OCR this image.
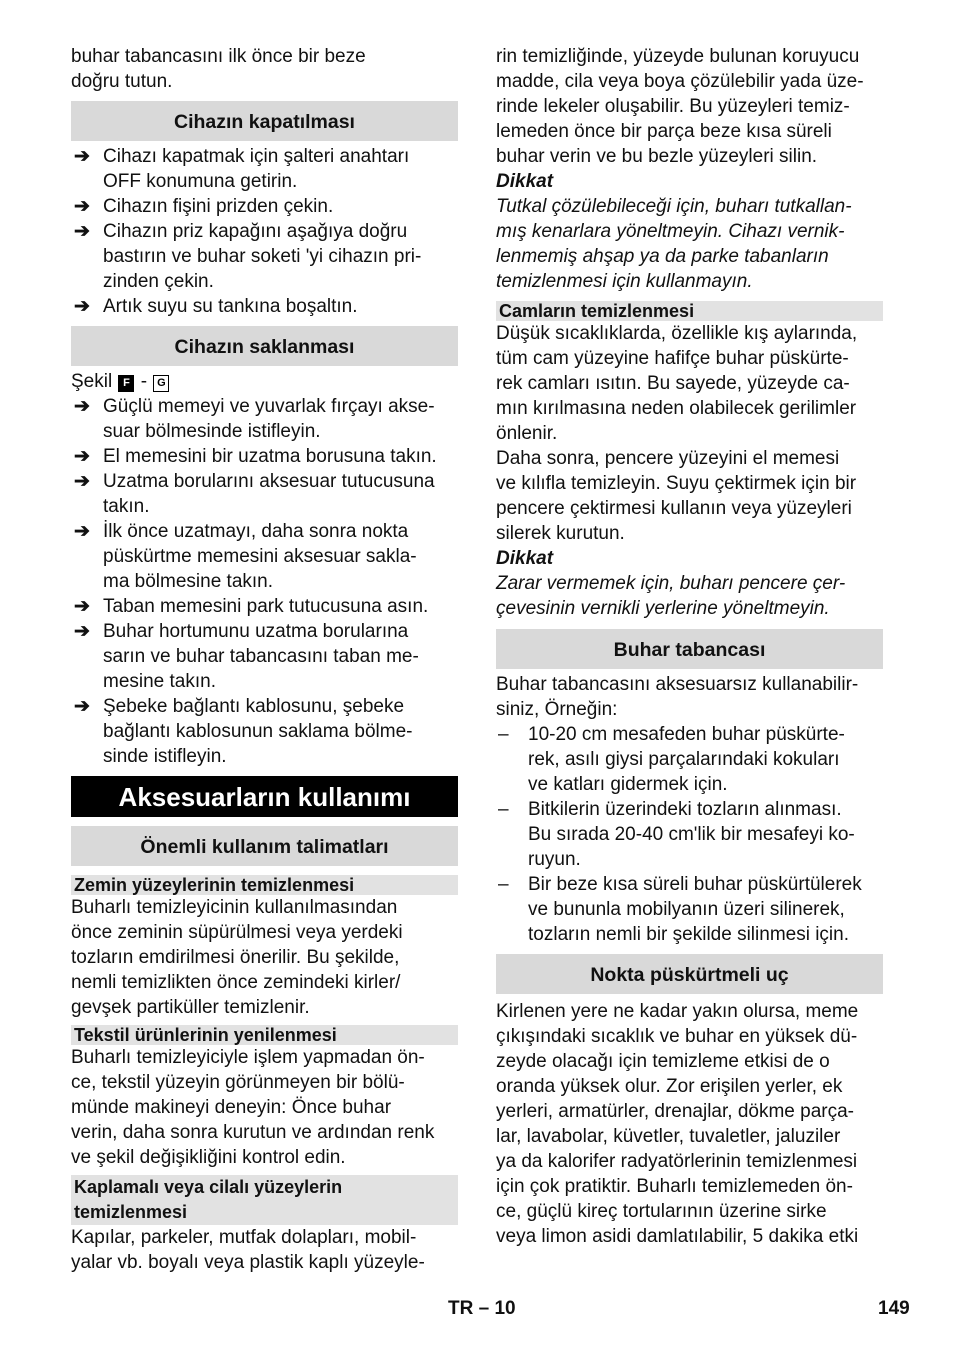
buhar tabancasını ilk önce bir beze
doğru tutun.

Cihazın kapatılması
➔ Cihazı kapatmak için şalteri anahtarı
OFF konumuna getirin.
➔ Cihazın fişini prizden çekin.
➔ Cihazın priz kapağını aşağıya doğru
bastırın ve buhar soketi 'yi cihazın pri-
zinden çekin.
➔ Artık suyu su tankına boşaltın.
Cihazın saklanması

Şekil F - G

➔ Güçlü memeyi ve yuvarlak fırçayı akse-
suar bölmesinde istifleyin.
➔ El memesini bir uzatma borusuna takın.
➔ Uzatma borularını aksesuar tutucusuna
takın.
➔ İlk önce uzatmayı, daha sonra nokta
püskürtme memesini aksesuar sakla-
ma bölmesine takın.
➔ Taban memesini park tutucusuna asın.
➔ Buhar hortumunu uzatma borularına
sarın ve buhar tabancasını taban me-
mesine takın.
➔ Şebeke bağlantı kablosunu, şebeke
bağlantı kablosunun saklama bölme-
sinde istifleyin.
Aksesuarların kullanımı
Önemli kullanım talimatları
Zemin yüzeylerinin temizlenmesi

Buharlı temizleyicinin kullanılmasından
önce zeminin süpürülmesi veya yerdeki
tozların emdirilmesi önerilir. Bu şekilde,
nemli temizlikten önce zemindeki kirler/
gevşek partiküller temizlenir.

Tekstil ürünlerinin yenilenmesi

Buharlı temizleyiciyle işlem yapmadan ön-
ce, tekstil yüzeyin görünmeyen bir bölü-
münde makineyi deneyin: Önce buhar
verin, daha sonra kurutun ve ardından renk
ve şekil değişikliğini kontrol edin.

Kaplamalı veya cilalı yüzeylerin
temizlenmesi

Kapılar, parkeler, mutfak dolapları, mobil-
yalar vb. boyalı veya plastik kaplı yüzeyle-

rin temizliğinde, yüzeyde bulunan koruyucu
madde, cila veya boya çözülebilir yada üze-
rinde lekeler oluşabilir. Bu yüzeyleri temiz-
lemeden önce bir parça beze kısa süreli
buhar verin ve bu bezle yüzeyleri silin.

Dikkat

Tutkal çözülebileceği için, buharı tutkallan-
mış kenarlara yöneltmeyin. Cihazı vernik-
lenmemiş ahşap ya da parke tabanların
temizlenmesi için kullanmayın.

Camların temizlenmesi

Düşük sıcaklıklarda, özellikle kış aylarında,
tüm cam yüzeyine hafifçe buhar püskürte-
rek camları ısıtın. Bu sayede, yüzeyde ca-
mın kırılmasına neden olabilecek gerilimler
önlenir.

Daha sonra, pencere yüzeyini el memesi
ve kılıfla temizleyin. Suyu çektirmek için bir
pencere çektirmesi kullanın veya yüzeyleri
silerek kurutun.

Dikkat

Zarar vermemek için, buharı pencere çer-
çevesinin vernikli yerlerine yöneltmeyin.

Buhar tabancası

Buhar tabancasını aksesuarsız kullanabilir-
siniz, Örneğin:

– 10-20 cm mesafeden buhar püskürte-
rek, asılı giysi parçalarındaki kokuları
ve katları gidermek için.
– Bitkilerin üzerindeki tozların alınması.
Bu sırada 20-40 cm'lik bir mesafeyi ko-
ruyun.
– Bir beze kısa süreli buhar püskürtülerek
ve bununla mobilyanın üzeri silinerek,
tozların nemli bir şekilde silinmesi için.
Nokta püskürtmeli uç

Kirlenen yere ne kadar yakın olursa, meme
çıkışındaki sıcaklık ve buhar en yüksek dü-
zeyde olacağı için temizleme etkisi de o
oranda yüksek olur. Zor erişilen yerler, ek
yerleri, armatürler, drenajlar, dökme parça-
lar, lavabolar, küvetler, tuvaletler, jaluziler
ya da kalorifer radyatörlerinin temizlenmesi
için çok pratiktir. Buharlı temizlemeden ön-
ce, güçlü kireç tortularının üzerine sirke
veya limon asidi damlatılabilir, 5 dakika etki

TR – 10	149
